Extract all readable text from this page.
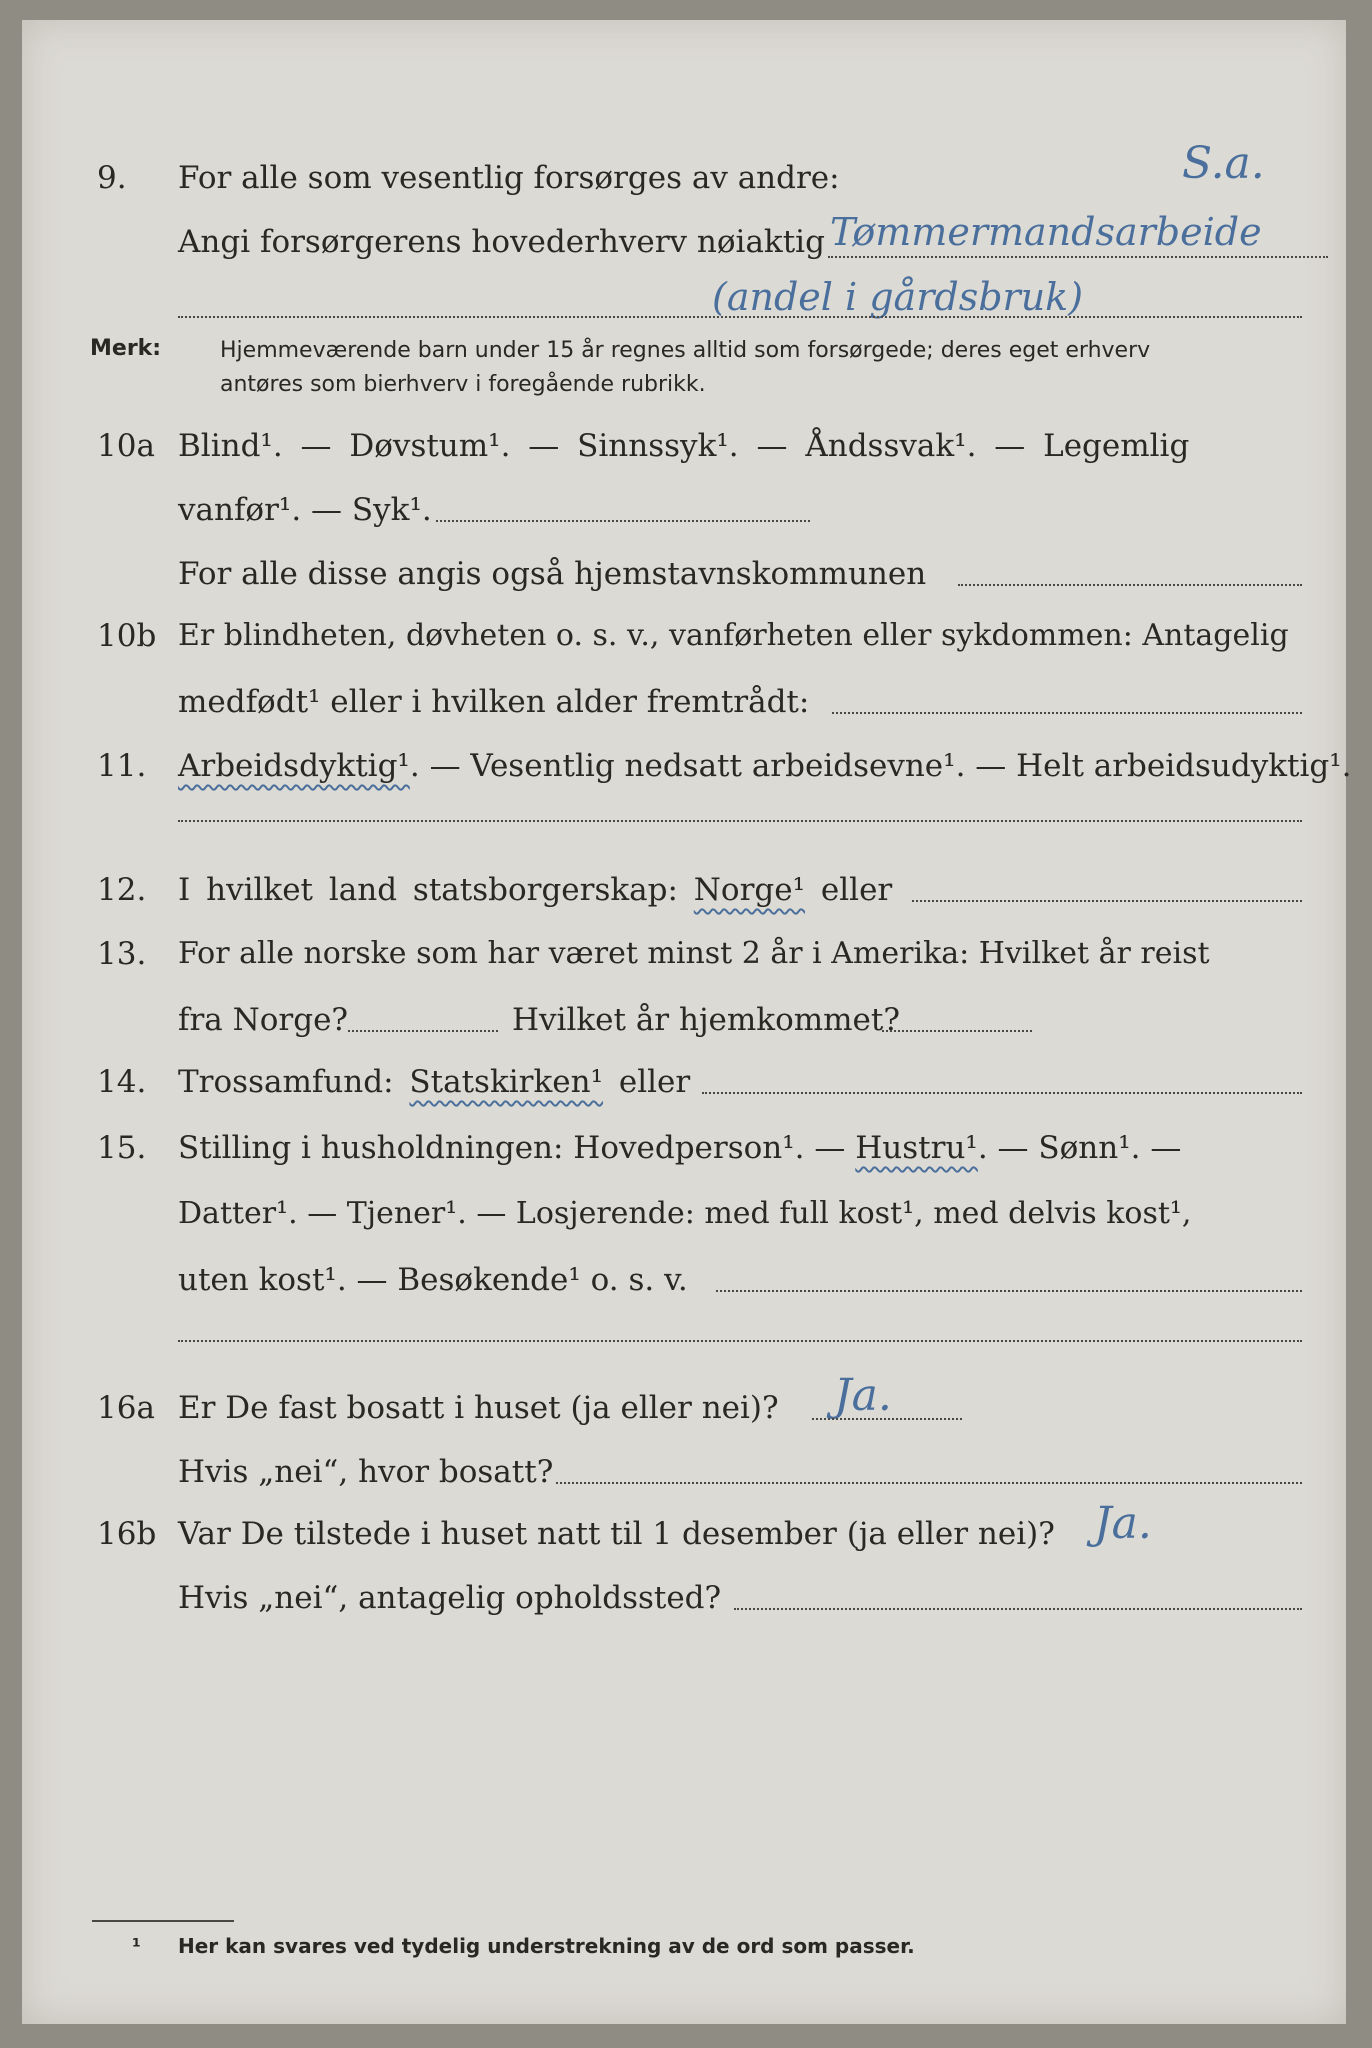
9. For alle som vesentlig forsørges av andre:	S.a.
Angi forsørgerens hovederhverv nøiaktig Tømmermandsarbeide
(andel i gårdsbruk)
Merk:	Hjemmeværende barn under 15 år regnes alltid som forsørgede; deres eget erhverv
antøres som bierhverv i foregående rubrikk.
10a Blind¹. — Døvstum¹. — Sinnssyk¹. — Åndssvak¹. — Legemlig
vanfør¹. — Syk¹.
For alle disse angis også hjemstavnskommunen
10b Er blindheten, døvheten o. s. v., vanførheten eller sykdommen: Antagelig
medfødt¹ eller i hvilken alder fremtrådt:
11. Arbeidsdyktig¹. — Vesentlig nedsatt arbeidsevne¹. — Helt arbeidsudyktig¹.
12. I hvilket land statsborgerskap: Norge¹ eller
13. For alle norske som har været minst 2 år i Amerika: Hvilket år reist
fra Norge?	Hvilket år hjemkommet?
14. Trossamfund: Statskirken¹ eller
15. Stilling i husholdningen: Hovedperson¹. — Hustru¹. — Sønn¹. —
Datter¹. — Tjener¹. — Losjerende: med full kost¹, med delvis kost¹,
uten kost¹. — Besøkende¹ o. s. v.
16a Er De fast bosatt i huset (ja eller nei)? Ja.
Hvis „nei“, hvor bosatt?
16b Var De tilstede i huset natt til 1 desember (ja eller nei)? Ja.
Hvis „nei“, antagelig opholdssted?
¹ Her kan svares ved tydelig understrekning av de ord som passer.
